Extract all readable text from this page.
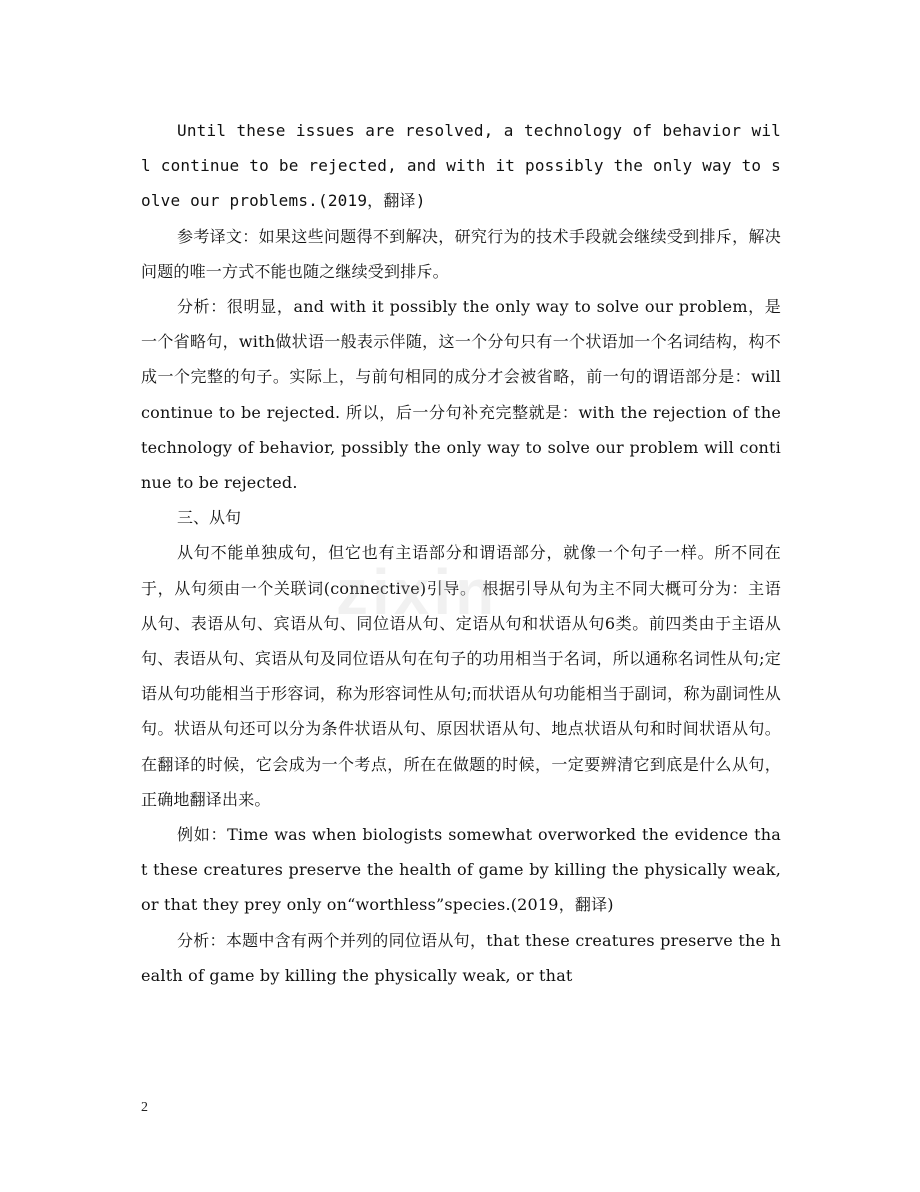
Until these issues are resolved, a technology of behavior will continue to be rejected, and with it possibly the only way to solve our problems.(2019，翻译)

参考译文：如果这些问题得不到解决，研究行为的技术手段就会继续受到排斥，解决问题的唯一方式不能也随之继续受到排斥。

分析：很明显，and with it possibly the only way to solve our problem，是一个省略句，with做状语一般表示伴随，这一个分句只有一个状语加一个名词结构，构不成一个完整的句子。实际上，与前句相同的成分才会被省略，前一句的谓语部分是：will continue to be rejected. 所以，后一分句补充完整就是：with the rejection of the technology of behavior, possibly the only way to solve our problem will continue to be rejected.

三、从句

从句不能单独成句，但它也有主语部分和谓语部分，就像一个句子一样。所不同在于，从句须由一个关联词(connective)引导。 根据引导从句为主不同大概可分为：主语从句、表语从句、宾语从句、同位语从句、定语从句和状语从句6类。前四类由于主语从句、表语从句、宾语从句及同位语从句在句子的功用相当于名词，所以通称名词性从句;定语从句功能相当于形容词，称为形容词性从句;而状语从句功能相当于副词，称为副词性从句。状语从句还可以分为条件状语从句、原因状语从句、地点状语从句和时间状语从句。在翻译的时候，它会成为一个考点，所在在做题的时候，一定要辨清它到底是什么从句，正确地翻译出来。

例如：Time was when biologists somewhat overworked the evidence that these creatures preserve the health of game by killing the physically weak,or that they prey only on“worthless”species.(2019，翻译)

分析：本题中含有两个并列的同位语从句，that these creatures preserve the health of game by killing the physically weak, or that

zixin
2
